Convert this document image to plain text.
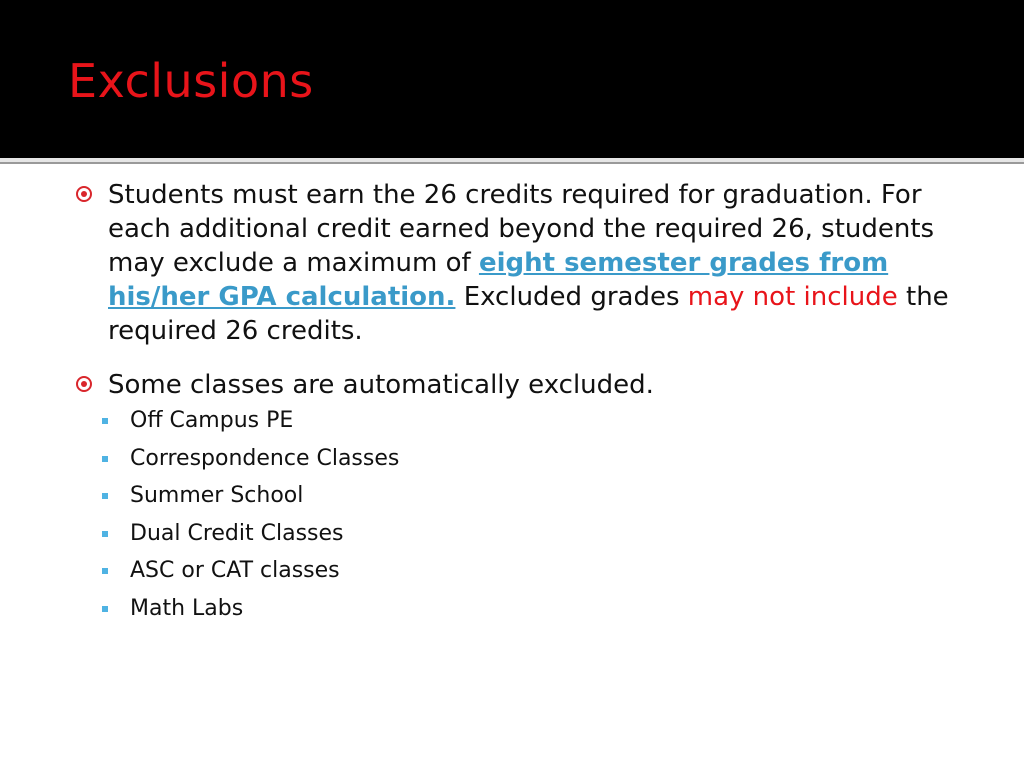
Exclusions

Students must earn the 26 credits required for graduation. For each additional credit earned beyond the required 26, students may exclude a maximum of eight semester grades from his/her GPA calculation. Excluded grades may not include the required 26 credits.

Some classes are automatically excluded.

Off Campus PE
Correspondence Classes
Summer School
Dual Credit Classes
ASC or CAT classes
Math Labs
